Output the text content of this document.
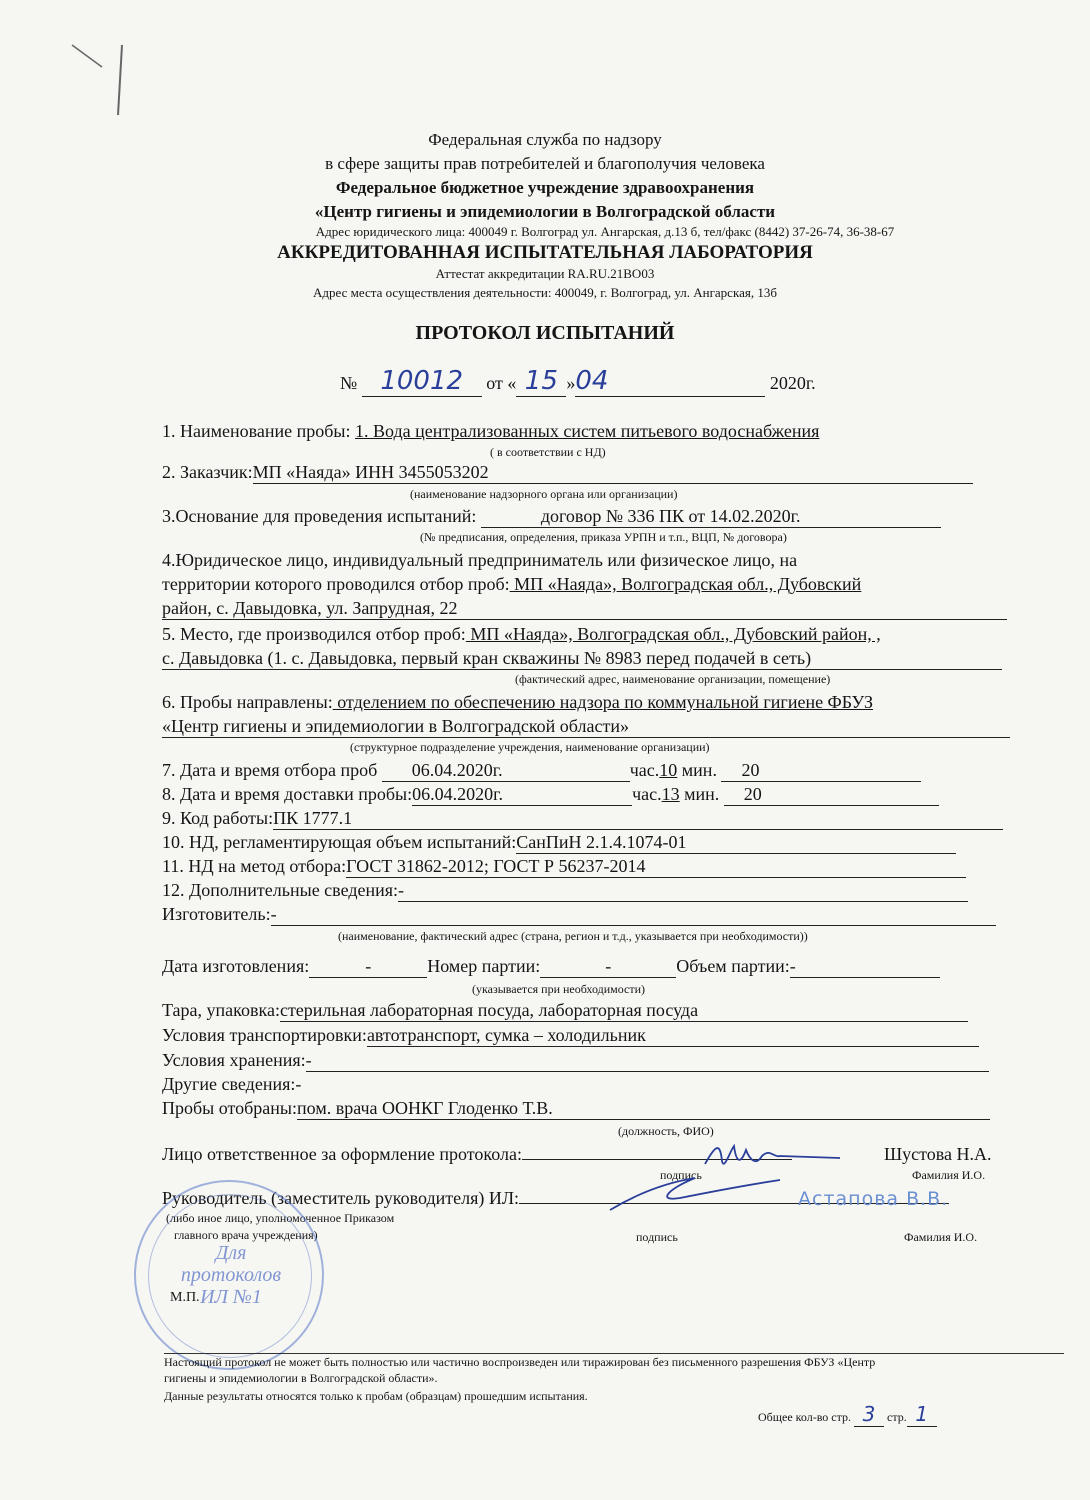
Федеральная служба по надзору
в сфере защиты прав потребителей и благополучия человека
Федеральное бюджетное учреждение здравоохранения
«Центр гигиены и эпидемиологии в Волгоградской области
Адрес юридического лица: 400049 г. Волгоград ул. Ангарская, д.13 б, тел/факс (8442) 37-26-74, 36-38-67
АККРЕДИТОВАННАЯ ИСПЫТАТЕЛЬНАЯ ЛАБОРАТОРИЯ
Аттестат аккредитации RA.RU.21ВО03
Адрес места осуществления деятельности: 400049, г. Волгоград, ул. Ангарская, 13б
ПРОТОКОЛ ИСПЫТАНИЙ
№ 10012 от « 15 »04	2020г.
1. Наименование пробы: 1. Вода централизованных систем питьевого водоснабжения
( в соответствии с НД)
2. Заказчик:МП «Наяда» ИНН 3455053202
(наименование надзорного органа или организации)
3.Основание для проведения испытаний:	договор № 336 ПК от 14.02.2020г.
(№ предписания, определения, приказа УРПН и т.п., ВЦП, № договора)
4.Юридическое лицо, индивидуальный предприниматель или физическое лицо, на
территории которого проводился отбор проб: МП «Наяда», Волгоградская обл., Дубовский
район, с. Давыдовка, ул. Запрудная, 22
5. Место, где производился отбор проб: МП «Наяда», Волгоградская обл., Дубовский район, ,
с. Давыдовка (1. с. Давыдовка, первый кран скважины № 8983 перед подачей в сеть)
(фактический адрес, наименование организации, помещение)
6. Пробы направлены: отделением по обеспечению надзора по коммунальной гигиене ФБУЗ
«Центр гигиены и эпидемиологии в Волгоградской области»
(структурное подразделение учреждения, наименование организации)
7. Дата и время отбора проб 06.04.2020г.	час.10 мин. 20
8. Дата и время доставки пробы:06.04.2020г.	час.13 мин. 20
9. Код работы:ПК 1777.1
10. НД, регламентирующая объем испытаний:СанПиН 2.1.4.1074-01
11. НД на метод отбора:ГОСТ 31862-2012; ГОСТ Р 56237-2014
12. Дополнительные сведения:-
Изготовитель:-
(наименование, фактический адрес (страна, регион и т.д., указывается при необходимости))
Дата изготовления:	-	Номер партии:	-	Объем партии:-
(указывается при необходимости)
Тара, упаковка:стерильная лабораторная посуда, лабораторная посуда
Условия транспортировки:автотранспорт, сумка – холодильник
Условия хранения:-
Другие сведения:-
Пробы отобраны:пом. врача ООНКГ Глоденко Т.В.
(должность, ФИО)
Лицо ответственное за оформление протокола:	Шустова Н.А.
подпись	Фамилия И.О.
Руководитель (заместитель руководителя) ИЛ:	Астапова В.В.
(либо иное лицо, уполномоченное Приказом
главного врача учреждения)	подпись	Фамилия И.О.
Для
протоколов
ИЛ №1
М.П.
Настоящий протокол не может быть полностью или частично воспроизведен или тиражирован без письменного разрешения ФБУЗ «Центр
гигиены и эпидемиологии в Волгоградской области».
Данные результаты относятся только к пробам (образцам) прошедшим испытания.
Общее кол-во стр. 3 стр. 1
